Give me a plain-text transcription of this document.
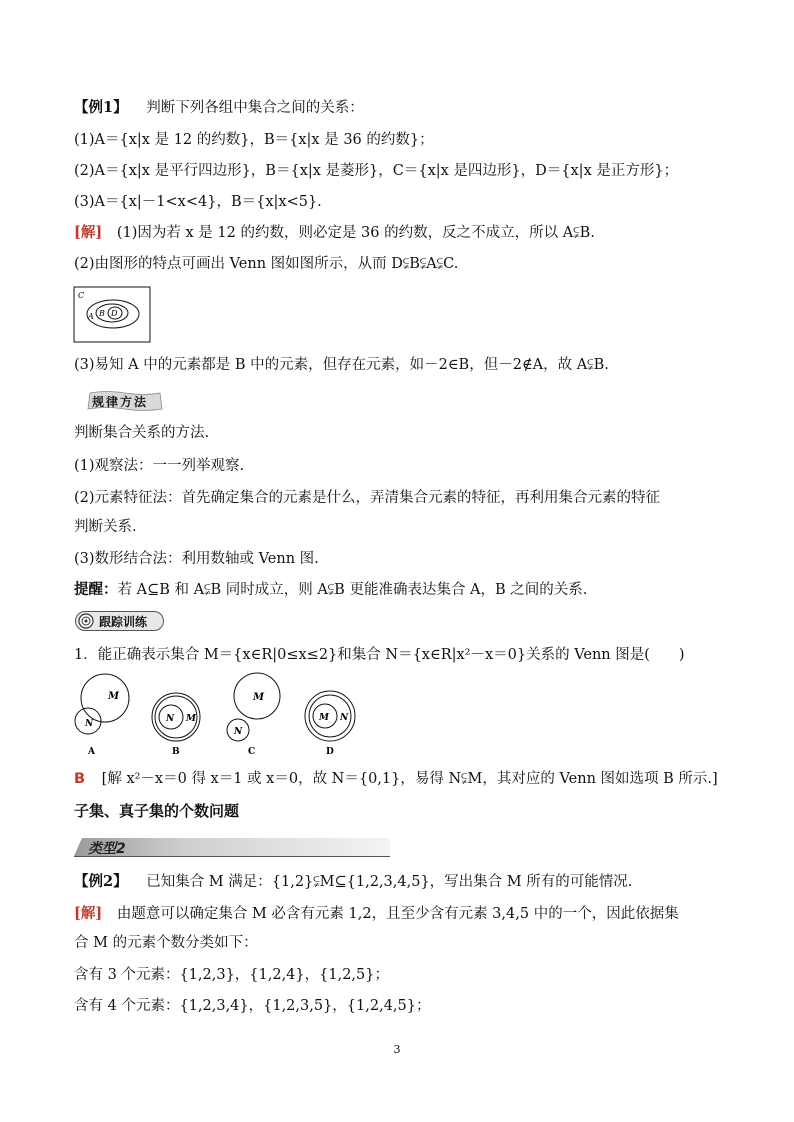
【例1】 判断下列各组中集合之间的关系：
(1)A＝{x|x 是 12 的约数}，B＝{x|x 是 36 的约数}；
(2)A＝{x|x 是平行四边形}，B＝{x|x 是菱形}，C＝{x|x 是四边形}，D＝{x|x 是正方形}；
(3)A＝{x|－1<x<4}，B＝{x|x<5}.
[解] (1)因为若 x 是 12 的约数，则必定是 36 的约数，反之不成立，所以 A⫋B.
(2)由图形的特点可画出 Venn 图如图所示，从而 D⫋B⫋A⫋C.
C
A B D
(3)易知 A 中的元素都是 B 中的元素，但存在元素，如－2∈B，但－2∉A，故 A⫋B.
规律方法
判断集合关系的方法.
(1)观察法：一一列举观察.
(2)元素特征法：首先确定集合的元素是什么，弄清集合元素的特征，再利用集合元素的特征
判断关系.
(3)数形结合法：利用数轴或 Venn 图.
提醒：若 A⊆B 和 A⫋B 同时成立，则 A⫋B 更能准确表达集合 A，B 之间的关系.
跟踪训练
1．能正确表示集合 M＝{x∈R|0≤x≤2}和集合 N＝{x∈R|x²－x＝0}关系的 Venn 图是(　　)
M
N
A
N M
B
M
N
C
M N
D
B [解 x²－x＝0 得 x＝1 或 x＝0，故 N＝{0,1}，易得 N⫋M，其对应的 Venn 图如选项 B 所示.]
子集、真子集的个数问题
类型2
【例2】 已知集合 M 满足：{1,2}⫋M⊆{1,2,3,4,5}，写出集合 M 所有的可能情况.
[解] 由题意可以确定集合 M 必含有元素 1,2，且至少含有元素 3,4,5 中的一个，因此依据集
合 M 的元素个数分类如下：
含有 3 个元素：{1,2,3}，{1,2,4}，{1,2,5}；
含有 4 个元素：{1,2,3,4}，{1,2,3,5}，{1,2,4,5}；
3
